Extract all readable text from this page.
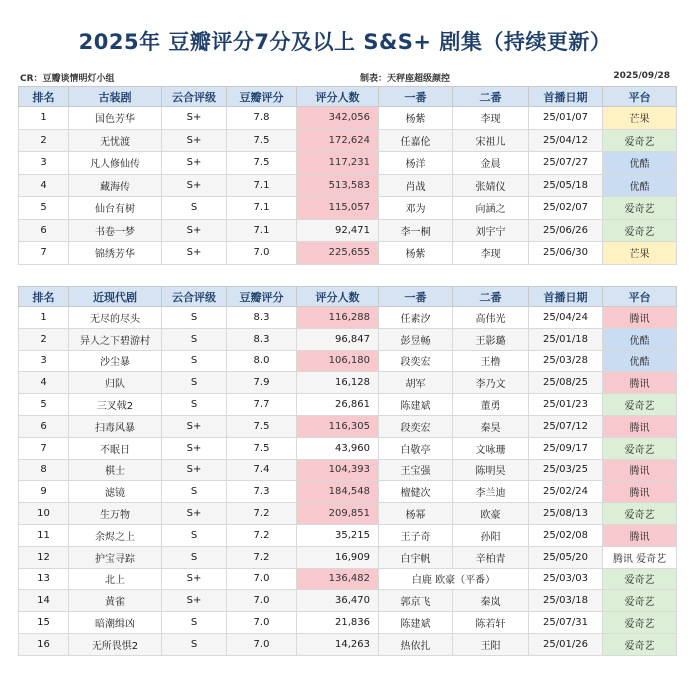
2025年 豆瓣评分7分及以上 S&S+ 剧集（持续更新）
CR：豆瓣谈情明灯小组	制表：天秤座超级颜控	2025/09/28
排名	古装剧	云合评级	豆瓣评分	评分人数	一番	二番	首播日期	平台
1	国色芳华	S+	7.8	342,056	杨紫	李现	25/01/07	芒果
2	无忧渡	S+	7.5	172,624	任嘉伦	宋祖儿	25/04/12	爱奇艺
3	凡人修仙传	S+	7.5	117,231	杨洋	金晨	25/07/27	优酷
4	藏海传	S+	7.1	513,583	肖战	张婧仪	25/05/18	优酷
5	仙台有树	S	7.1	115,057	邓为	向涵之	25/02/07	爱奇艺
6	书卷一梦	S+	7.1	92,471	李一桐	刘宇宁	25/06/26	爱奇艺
7	锦绣芳华	S+	7.0	225,655	杨紫	李现	25/06/30	芒果
排名	近现代剧	云合评级	豆瓣评分	评分人数	一番	二番	首播日期	平台
1	无尽的尽头	S	8.3	116,288	任素汐	高伟光	25/04/24	腾讯
2	异人之下碧游村	S	8.3	96,847	彭昱畅	王影璐	25/01/18	优酷
3	沙尘暴	S	8.0	106,180	段奕宏	王橹	25/03/28	优酷
4	归队	S	7.9	16,128	胡军	李乃文	25/08/25	腾讯
5	三叉戟2	S	7.7	26,861	陈建斌	董勇	25/01/23	爱奇艺
6	扫毒风暴	S+	7.5	116,305	段奕宏	秦昊	25/07/12	腾讯
7	不眠日	S+	7.5	43,960	白敬亭	文咏珊	25/09/17	爱奇艺
8	棋士	S+	7.4	104,393	王宝强	陈明昊	25/03/25	腾讯
9	滤镜	S	7.3	184,548	檀健次	李兰迪	25/02/24	腾讯
10	生万物	S+	7.2	209,851	杨幂	欧豪	25/08/13	爱奇艺
11	余烬之上	S	7.2	35,215	王子奇	孙阳	25/02/08	腾讯
12	护宝寻踪	S	7.2	16,909	白宇帆	辛柏青	25/05/20	腾讯 爱奇艺
13	北上	S+	7.0	136,482	白鹿 欧豪（平番）		25/03/03	爱奇艺
14	黄雀	S+	7.0	36,470	郭京飞	秦岚	25/03/18	爱奇艺
15	暗潮缉凶	S	7.0	21,836	陈建斌	陈若轩	25/07/31	爱奇艺
16	无所畏惧2	S	7.0	14,263	热依扎	王阳	25/01/26	爱奇艺
